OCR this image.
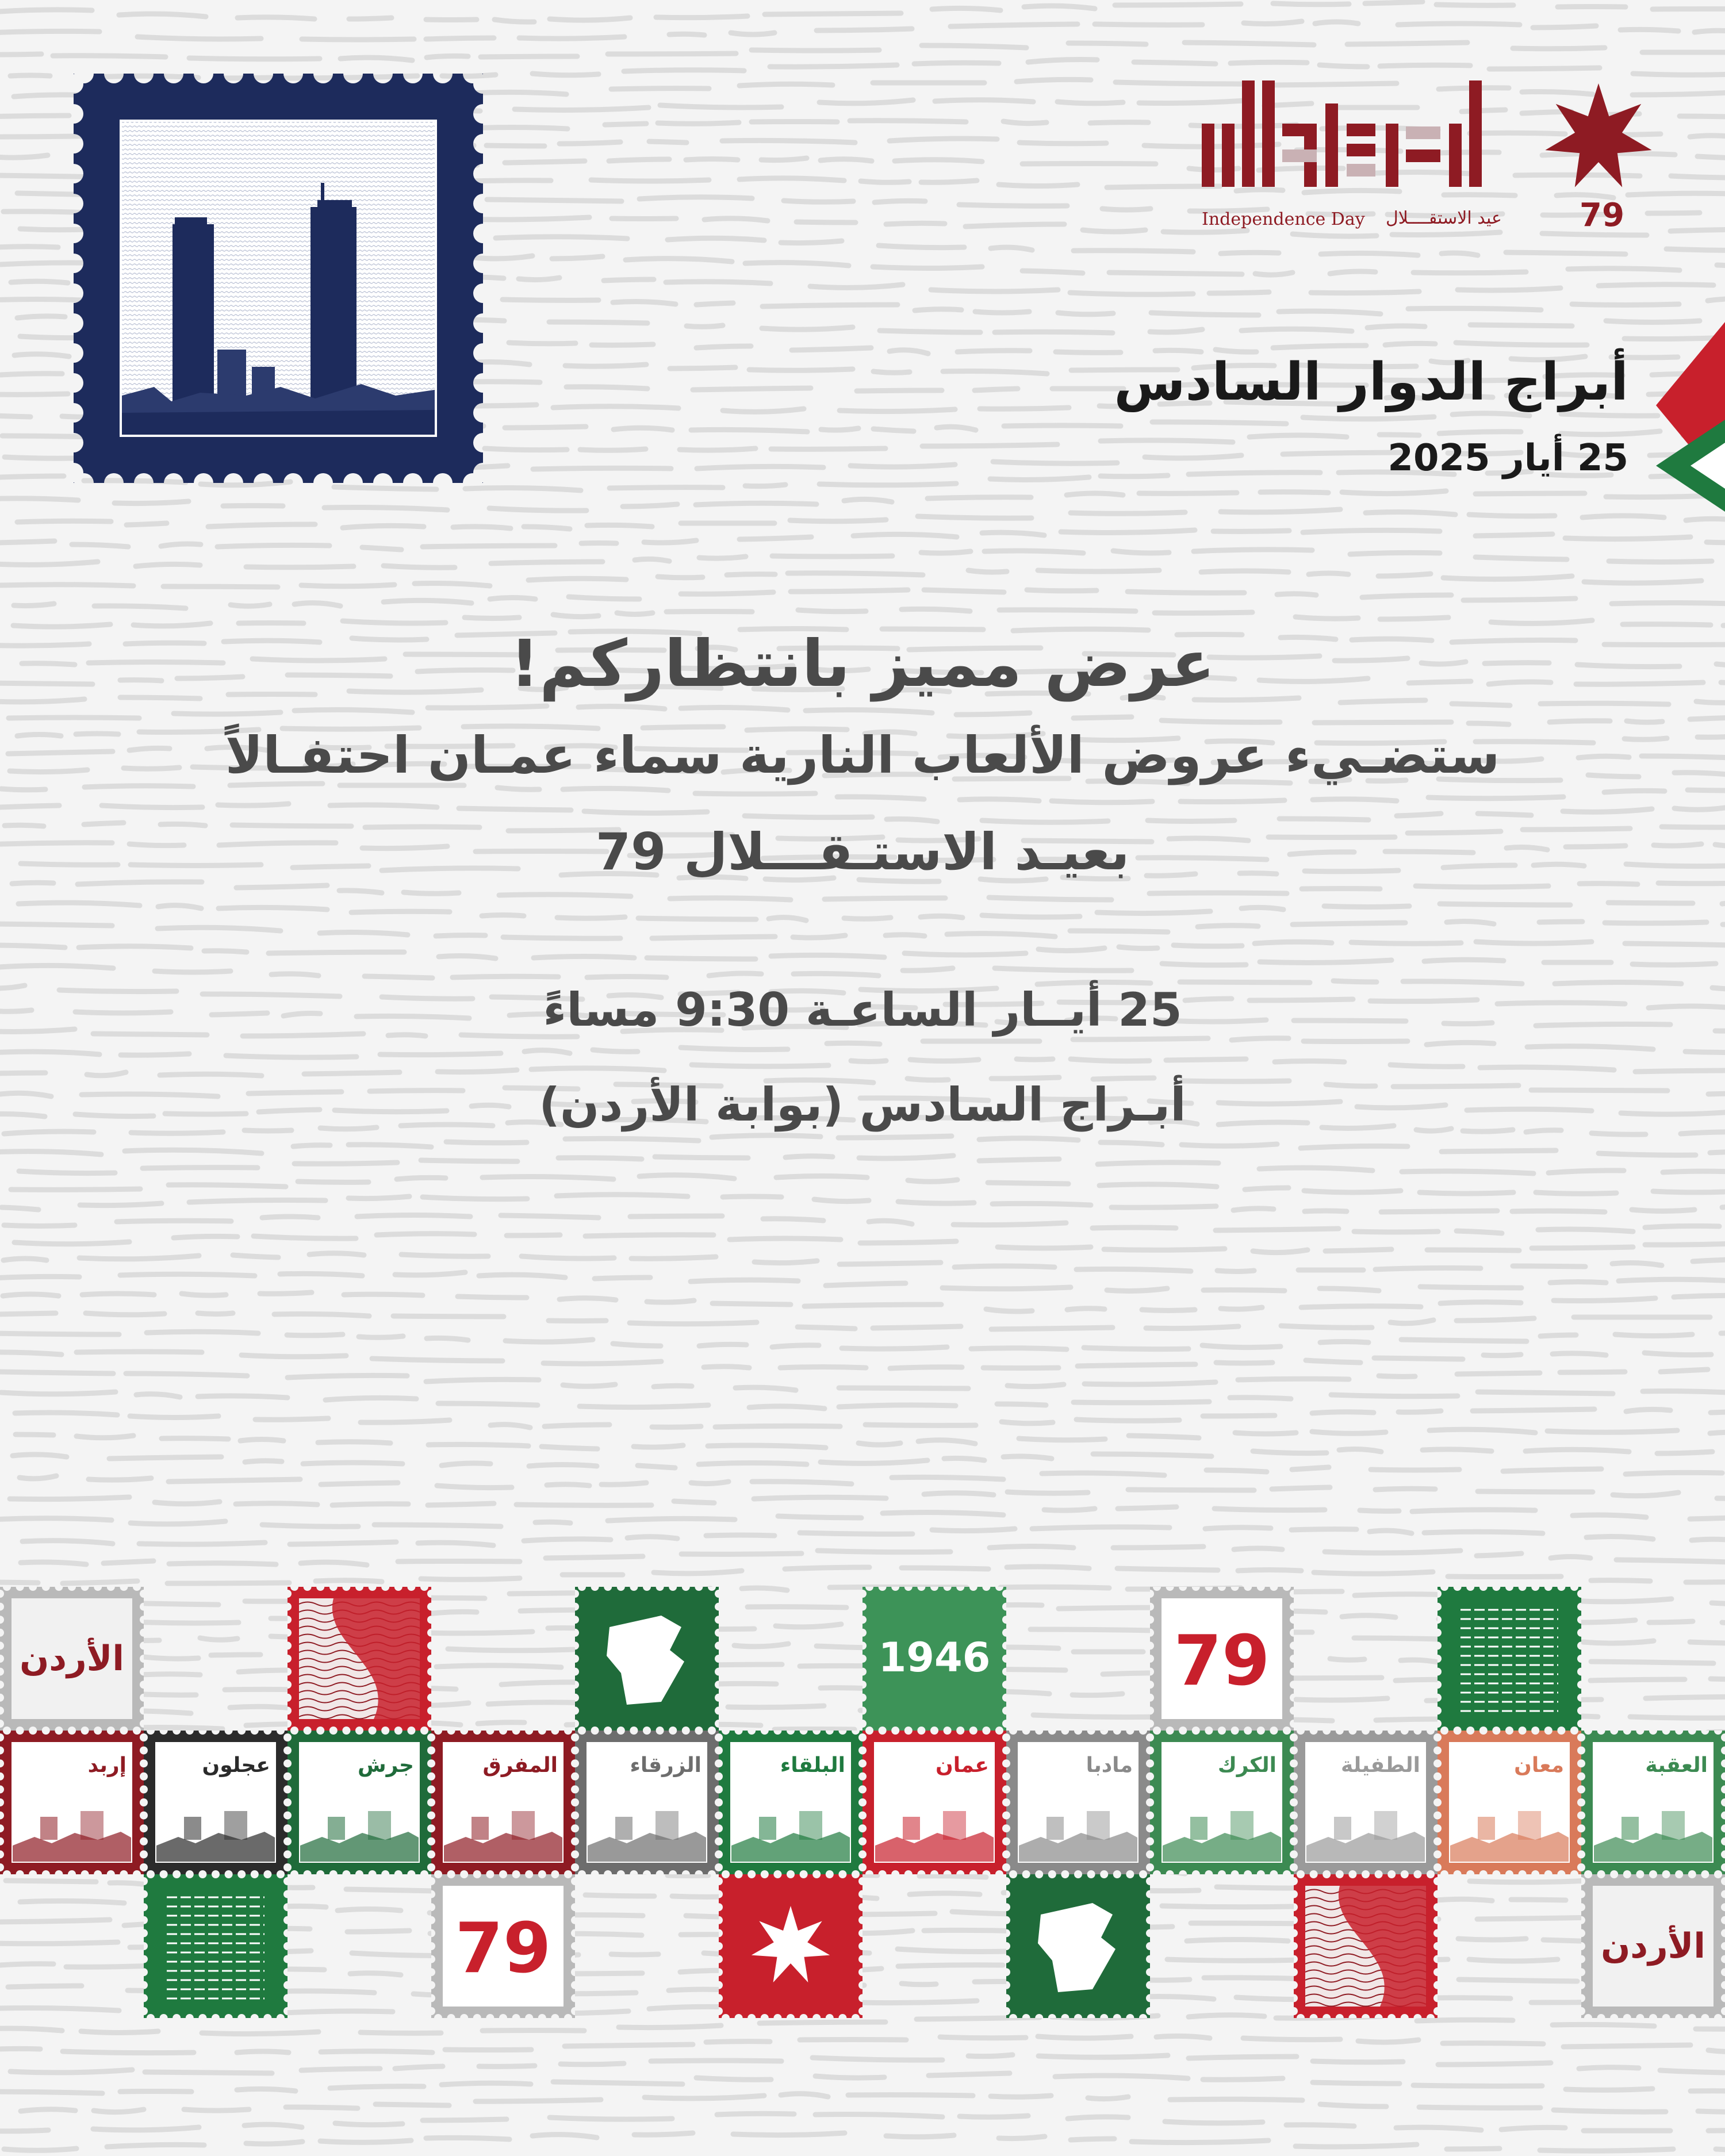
79
Independence Day عيد الاستقــــلال
أبراج الدوار السادس
25 أيار 2025
عرض مميز بانتظاركم!
ستضـيء عروض الألعاب النارية سماء عمـان احتفـالاً
بعيـد الاستـقـــلال 79
25 أيــار الساعـة 9:30 مساءً
أبـراج السادس (بوابة الأردن)
الأردن	1946	79
إربد	عجلون	جرش	المفرق	الزرقاء	البلقاء	عمان	مادبا	الكرك	الطفيلة	معان	العقبة
79	الأردن
